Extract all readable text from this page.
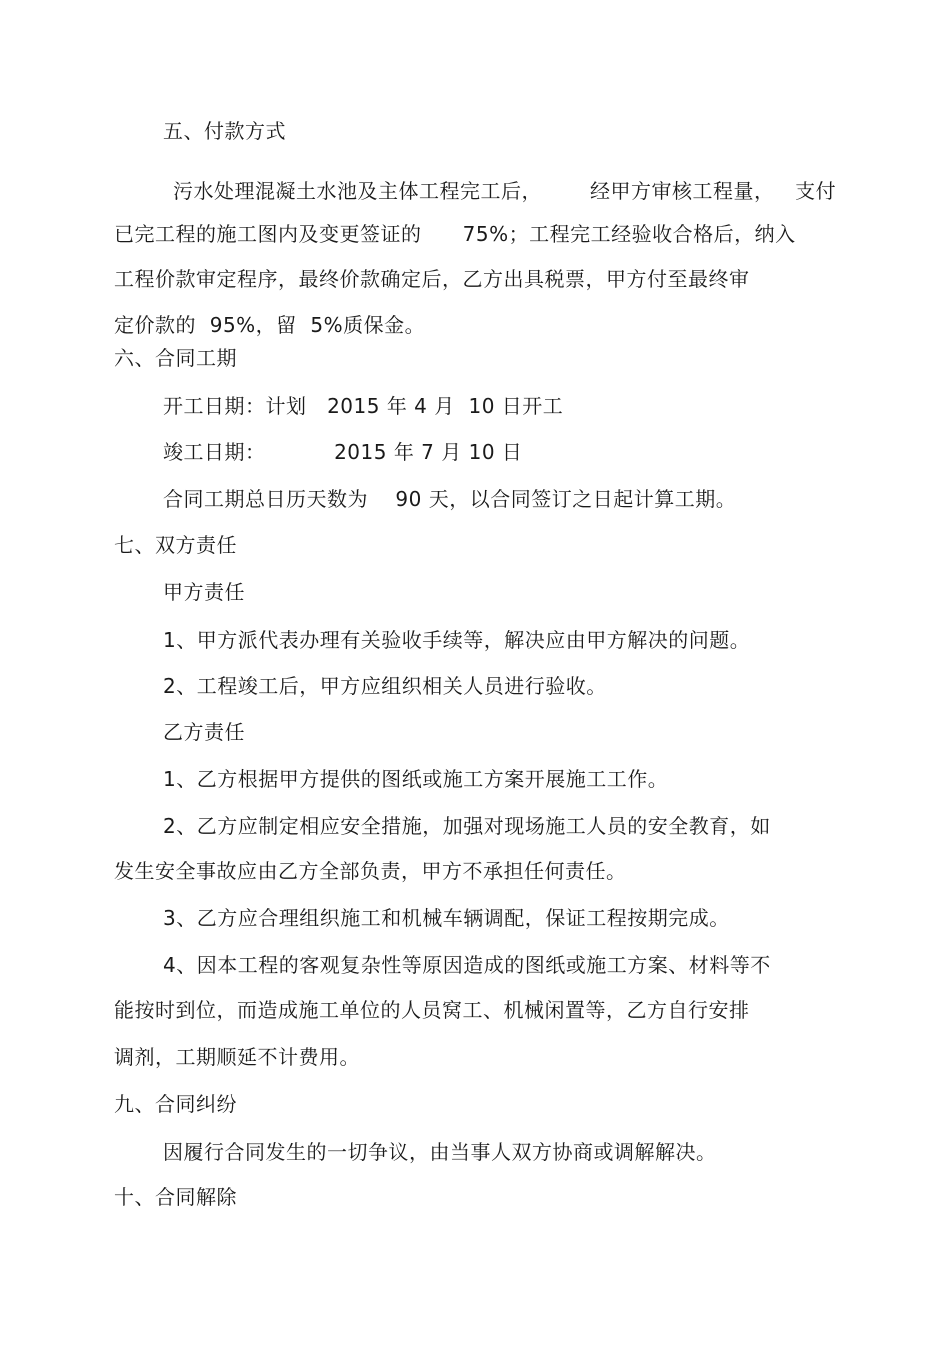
五、付款方式
污水处理混凝土水池及主体工程完工后，       经甲方审核工程量，   支付
已完工程的施工图内及变更签证的      75%；工程完工经验收合格后，纳入
工程价款审定程序，最终价款确定后，乙方出具税票，甲方付至最终审
定价款的  95%，留  5%质保金。
六、合同工期
开工日期：计划   2015 年 4 月  10 日开工
竣工日期：          2015 年 7 月 10 日
合同工期总日历天数为    90 天，以合同签订之日起计算工期。
七、双方责任
甲方责任
1、甲方派代表办理有关验收手续等，解决应由甲方解决的问题。
2、工程竣工后，甲方应组织相关人员进行验收。
乙方责任
1、乙方根据甲方提供的图纸或施工方案开展施工工作。
2、乙方应制定相应安全措施，加强对现场施工人员的安全教育，如
发生安全事故应由乙方全部负责，甲方不承担任何责任。
3、乙方应合理组织施工和机械车辆调配，保证工程按期完成。
4、因本工程的客观复杂性等原因造成的图纸或施工方案、材料等不
能按时到位，而造成施工单位的人员窝工、机械闲置等，乙方自行安排
调剂，工期顺延不计费用。
九、合同纠纷
因履行合同发生的一切争议，由当事人双方协商或调解解决。
十、合同解除
